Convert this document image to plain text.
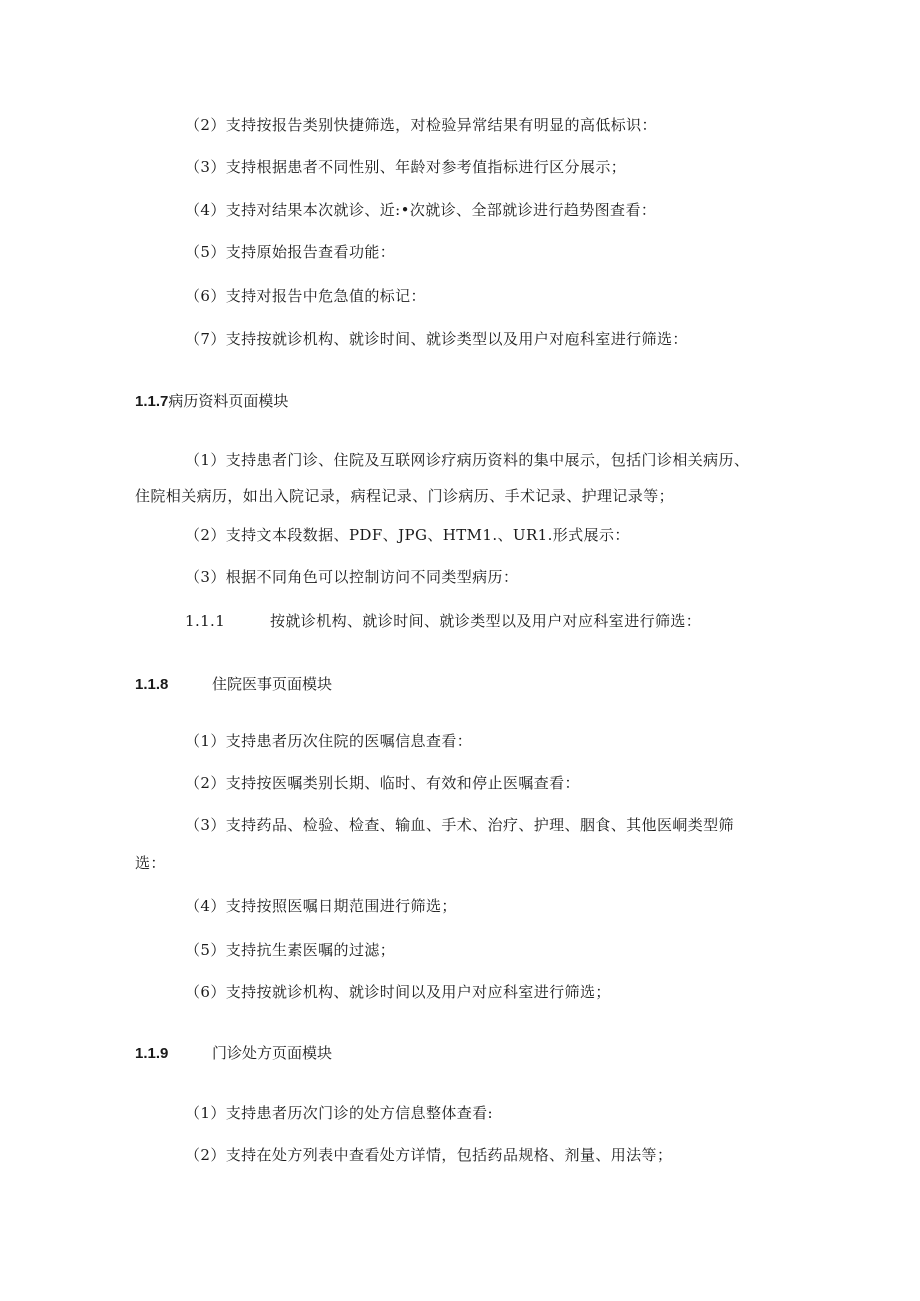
（2）支持按报告类别快捷筛选，对检验异常结果有明显的高低标识：
（3）支持根据患者不同性别、年龄对参考值指标进行区分展示；
（4）支持对结果本次就诊、近:•次就诊、全部就诊进行趋势图查看：
（5）支持原始报告查看功能：
（6）支持对报告中危急值的标记：
（7）支持按就诊机构、就诊时间、就诊类型以及用户对庖科室进行筛选：
1.1.7病历资料页面模块
（1）支持患者门诊、住院及互联网诊疗病历资料的集中展示，包括门诊相关病历、
住院相关病历，如出入院记录，病程记录、门诊病历、手术记录、护理记录等；
（2）支持文本段数据、PDF、JPG、HTM1.、UR1.形式展示：
（3）根据不同角色可以控制访问不同类型病历：
1.1.1	按就诊机构、就诊时间、就诊类型以及用户对应科室进行筛选：
1.1.8	住院医事页面模块
（1）支持患者历次住院的医嘱信息查看：
（2）支持按医嘱类别长期、临时、有效和停止医嘱查看：
（3）支持药品、检验、检查、输血、手术、治疗、护理、胭食、其他医峒类型筛
选：
（4）支持按照医嘱日期范围进行筛选；
（5）支持抗生素医嘱的过滤；
（6）支持按就诊机构、就诊时间以及用户对应科室进行筛选；
1.1.9	门诊处方页面模块
（1）支持患者历次门诊的处方信息整体查看:
（2）支持在处方列表中查看处方详情，包括药品规格、剂量、用法等；
